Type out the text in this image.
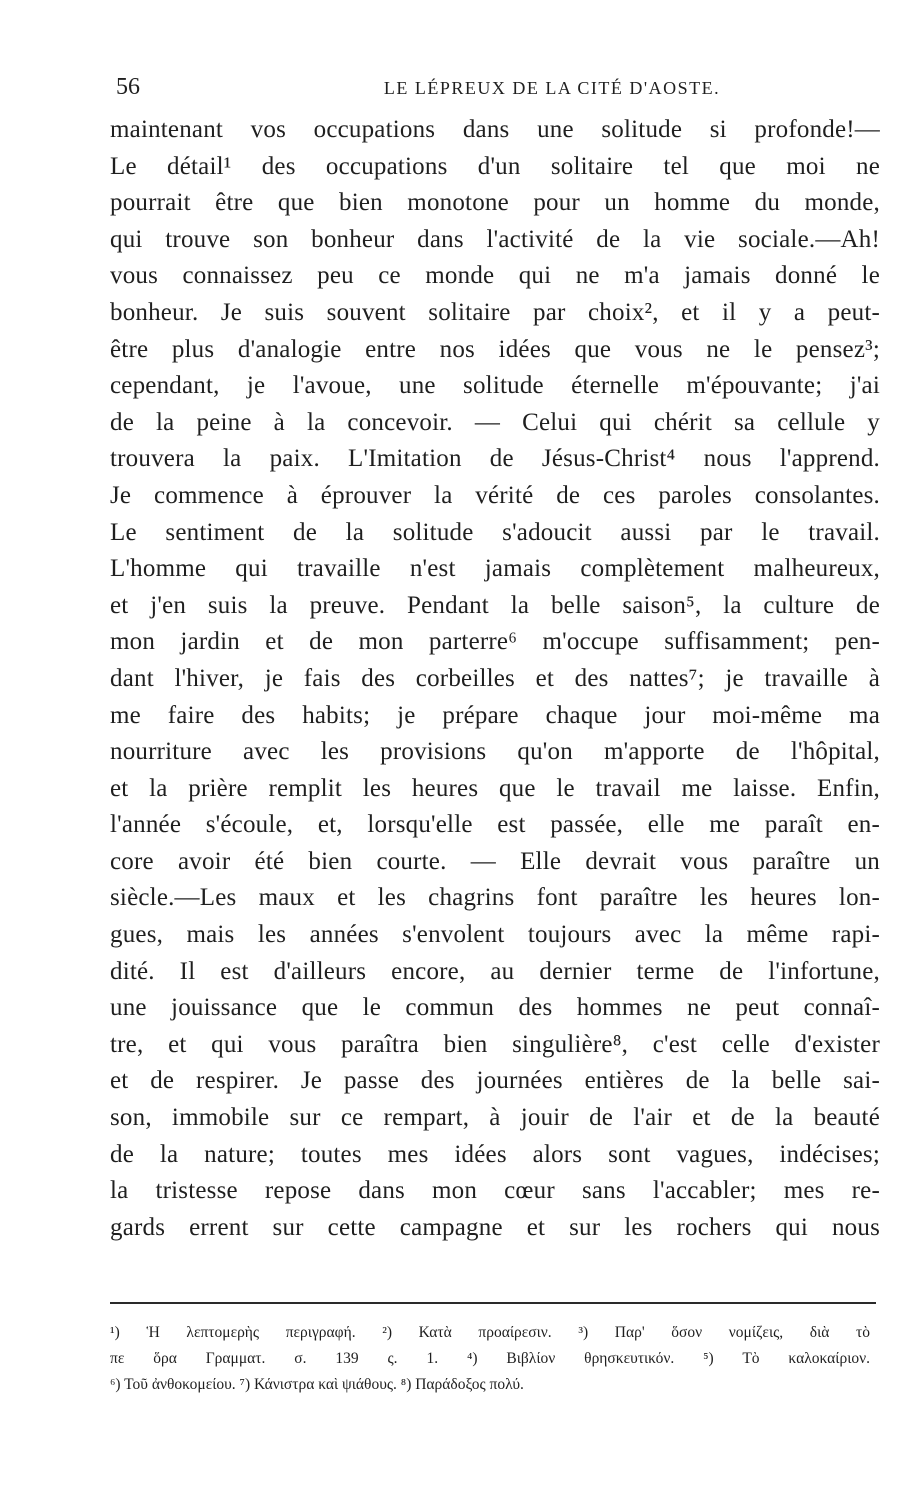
56	LE LÉPREUX DE LA CITÉ D'AOSTE.
maintenant vos occupations dans une solitude si profonde!—
Le détail¹ des occupations d'un solitaire tel que moi ne
pourrait être que bien monotone pour un homme du monde,
qui trouve son bonheur dans l'activité de la vie sociale.—Ah!
vous connaissez peu ce monde qui ne m'a jamais donné le
bonheur. Je suis souvent solitaire par choix², et il y a peut-
être plus d'analogie entre nos idées que vous ne le pensez³;
cependant, je l'avoue, une solitude éternelle m'épouvante; j'ai
de la peine à la concevoir. — Celui qui chérit sa cellule y
trouvera la paix. L'Imitation de Jésus-Christ⁴ nous l'apprend.
Je commence à éprouver la vérité de ces paroles consolantes.
Le sentiment de la solitude s'adoucit aussi par le travail.
L'homme qui travaille n'est jamais complètement malheureux,
et j'en suis la preuve. Pendant la belle saison⁵, la culture de
mon jardin et de mon parterre⁶ m'occupe suffisamment; pen-
dant l'hiver, je fais des corbeilles et des nattes⁷; je travaille à
me faire des habits; je prépare chaque jour moi-même ma
nourriture avec les provisions qu'on m'apporte de l'hôpital,
et la prière remplit les heures que le travail me laisse. Enfin,
l'année s'écoule, et, lorsqu'elle est passée, elle me paraît en-
core avoir été bien courte. — Elle devrait vous paraître un
siècle.—Les maux et les chagrins font paraître les heures lon-
gues, mais les années s'envolent toujours avec la même rapi-
dité. Il est d'ailleurs encore, au dernier terme de l'infortune,
une jouissance que le commun des hommes ne peut connaî-
tre, et qui vous paraîtra bien singulière⁸, c'est celle d'exister
et de respirer. Je passe des journées entières de la belle sai-
son, immobile sur ce rempart, à jouir de l'air et de la beauté
de la nature; toutes mes idées alors sont vagues, indécises;
la tristesse repose dans mon cœur sans l'accabler; mes re-
gards errent sur cette campagne et sur les rochers qui nous
¹) Ἡ λεπτομερὴς περιγραφή. ²) Κατὰ προαίρεσιν. ³) Παρ' ὅσον νομίζεις, διὰ τὸ
πε ὅρα Γραμματ. σ. 139 ς. 1. ⁴) Βιβλίον θρησκευτικόν. ⁵) Τὸ καλοκαίριον.
⁶) Τοῦ ἀνθοκομείου. ⁷) Κάνιστρα καὶ ψιάθους. ⁸) Παράδοξος πολύ.
